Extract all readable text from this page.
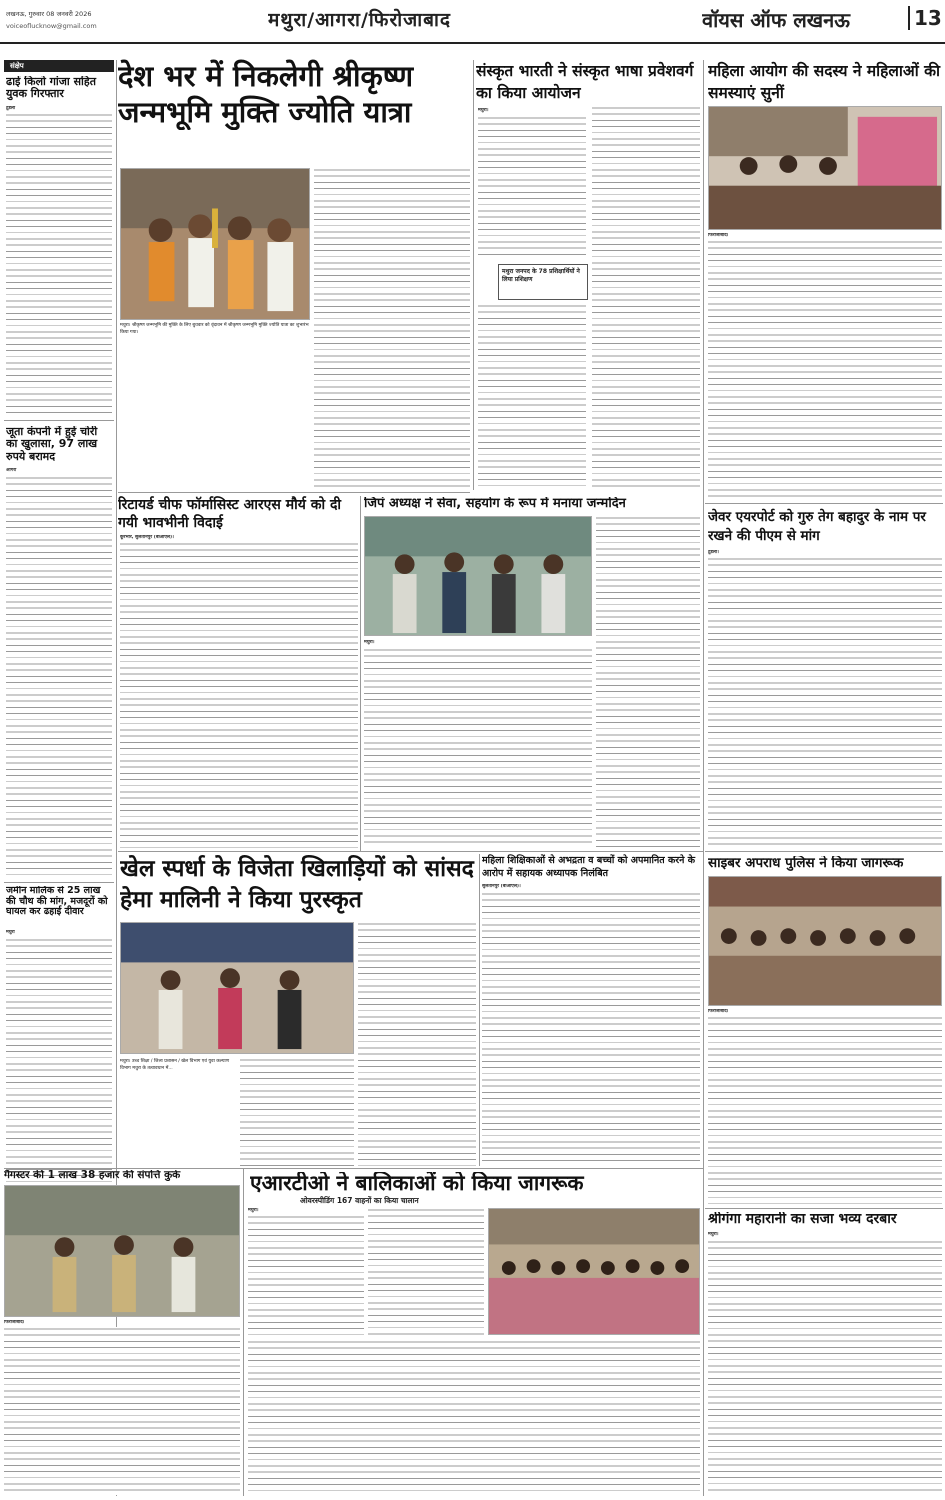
लखनऊ, गुरुवार 08 जनवरी 2026
voiceoflucknow@gmail.com	मथुरा/आगरा/फिरोजाबाद	वॉयस ऑफ लखनऊ	13
संक्षेप
ढाई किलो गांजा सहित युवक गिरफ्तार
टूंडला
जूता कंपनी में हुई चोरी का खुलासा, 97 लाख रुपये बरामद
आगरा
जमीन मालिक से 25 लाख की चौथ की मांग, मजदूरों को घायल कर ढहाई दीवार
मथुरा
देश भर में निकलेगी श्रीकृष्ण जन्मभूमि मुक्ति ज्योति यात्रा
मथुरा। श्रीकृष्ण जन्मभूमि की मुक्ति के लिए बुधवार को वृंदावन में श्रीकृष्ण जन्मभूमि मुक्ति ज्योति यात्रा का शुभारंभ किया गया।
संस्कृत भारती ने संस्कृत भाषा प्रवेशवर्ग का किया आयोजन
मथुरा।
मथुरा जनपद के 78 प्रशिक्षार्थियों ने लिया प्रशिक्षण
महिला आयोग की सदस्य ने महिलाओं की समस्याएं सुनीं
फिरोजाबाद।
रिटायर्ड चीफ फॉर्मासिस्ट आरएस मौर्य को दी गयी भावभीनी विदाई
कूरेभार, सुलतानपुर (बीओएल)।
जिपं अध्यक्ष ने सेवा, सहयोग के रूप में मनाया जन्मदिन
मथुरा।
जेवर एयरपोर्ट को गुरु तेग बहादुर के नाम पर रखने की पीएम से मांग
टूंडला।
खेल स्पर्धा के विजेता खिलाड़ियों को सांसद हेमा मालिनी ने किया पुरस्कृत
मथुरा। उच्च शिक्षा / जिला प्रशासन / खेल विभाग एवं युवा कल्याण विभाग मथुरा के तत्वावधान में...
महिला शिक्षिकाओं से अभद्रता व बच्चों को अपमानित करने के आरोप में सहायक अध्यापक निलंबित
सुलतानपुर (बीओएल)।
साइबर अपराध पुलिस ने किया जागरूक
फिरोजाबाद।
गैंगस्टर की 1 लाख 38 हजार की संपत्ति कुर्क
फिरोजाबाद।
एआरटीओ ने बालिकाओं को किया जागरूक
ओवरस्पीडिंग 167 वाहनों का किया चालान
मथुरा।
श्रीगंगा महारानी का सजा भव्य दरबार
मथुरा।
